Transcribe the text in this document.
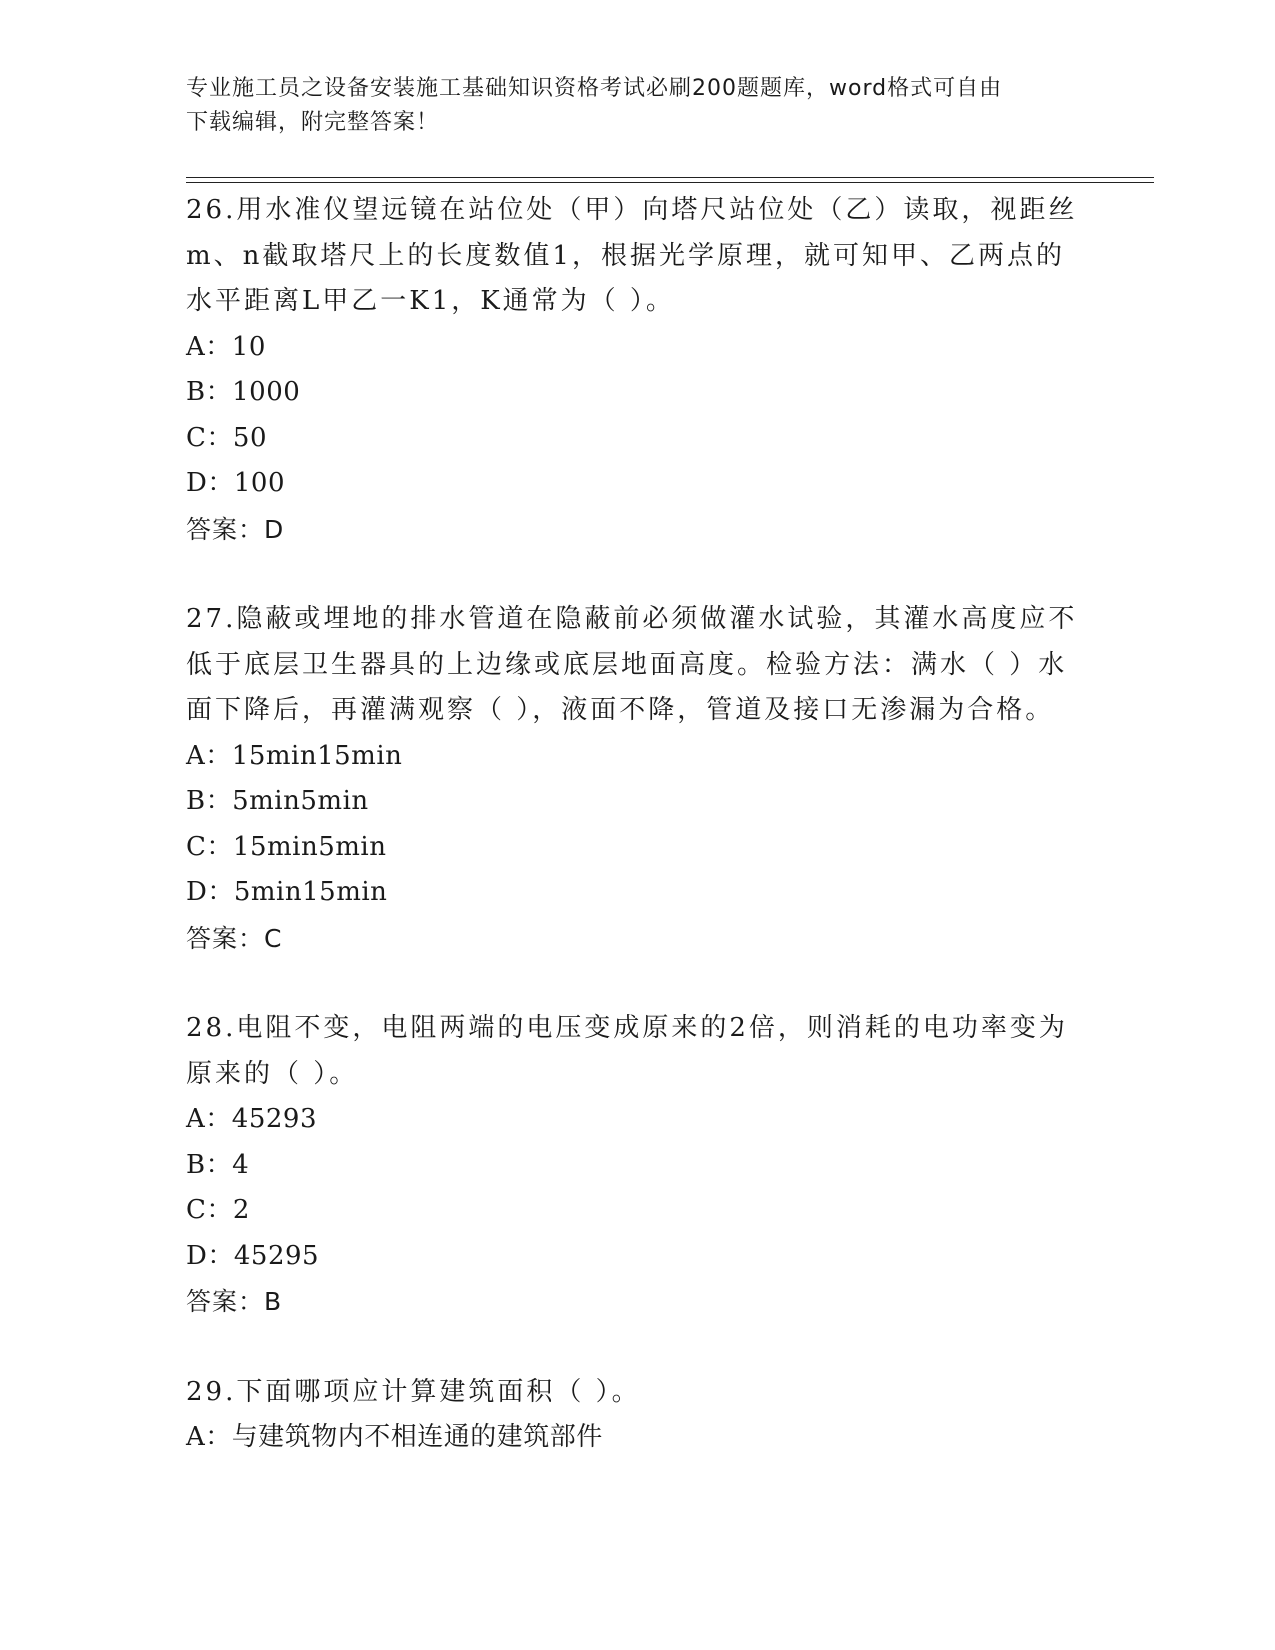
专业施工员之设备安装施工基础知识资格考试必刷200题题库，word格式可自由
下载编辑，附完整答案！
26.用水准仪望远镜在站位处（甲）向塔尺站位处（乙）读取，视距丝
m、n截取塔尺上的长度数值1，根据光学原理，就可知甲、乙两点的
水平距离L甲乙一K1，K通常为（ ）。
A：10
B：1000
C：50
D：100
答案：D
27.隐蔽或埋地的排水管道在隐蔽前必须做灌水试验，其灌水高度应不
低于底层卫生器具的上边缘或底层地面高度。检验方法：满水（ ）水
面下降后，再灌满观察（ ），液面不降，管道及接口无渗漏为合格。
A：15min15min
B：5min5min
C：15min5min
D：5min15min
答案：C
28.电阻不变，电阻两端的电压变成原来的2倍，则消耗的电功率变为
原来的（ ）。
A：45293
B：4
C：2
D：45295
答案：B
29.下面哪项应计算建筑面积（ ）。
A：与建筑物内不相连通的建筑部件
